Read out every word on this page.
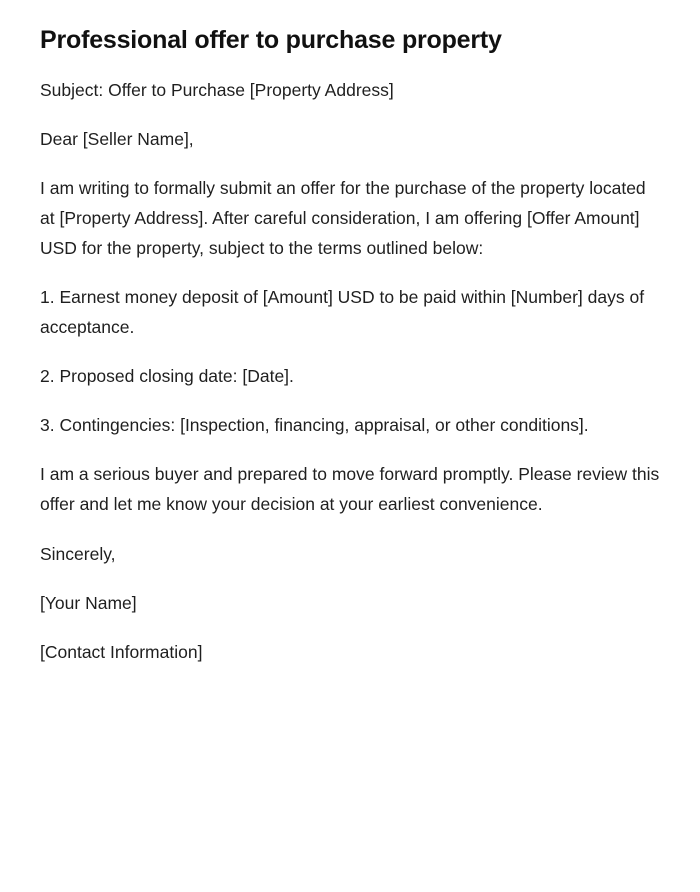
Professional offer to purchase property

Subject: Offer to Purchase [Property Address]

Dear [Seller Name],

I am writing to formally submit an offer for the purchase of the property located at [Property Address]. After careful consideration, I am offering [Offer Amount] USD for the property, subject to the terms outlined below:

1. Earnest money deposit of [Amount] USD to be paid within [Number] days of acceptance.

2. Proposed closing date: [Date].

3. Contingencies: [Inspection, financing, appraisal, or other conditions].

I am a serious buyer and prepared to move forward promptly. Please review this offer and let me know your decision at your earliest convenience.

Sincerely,

[Your Name]

[Contact Information]
